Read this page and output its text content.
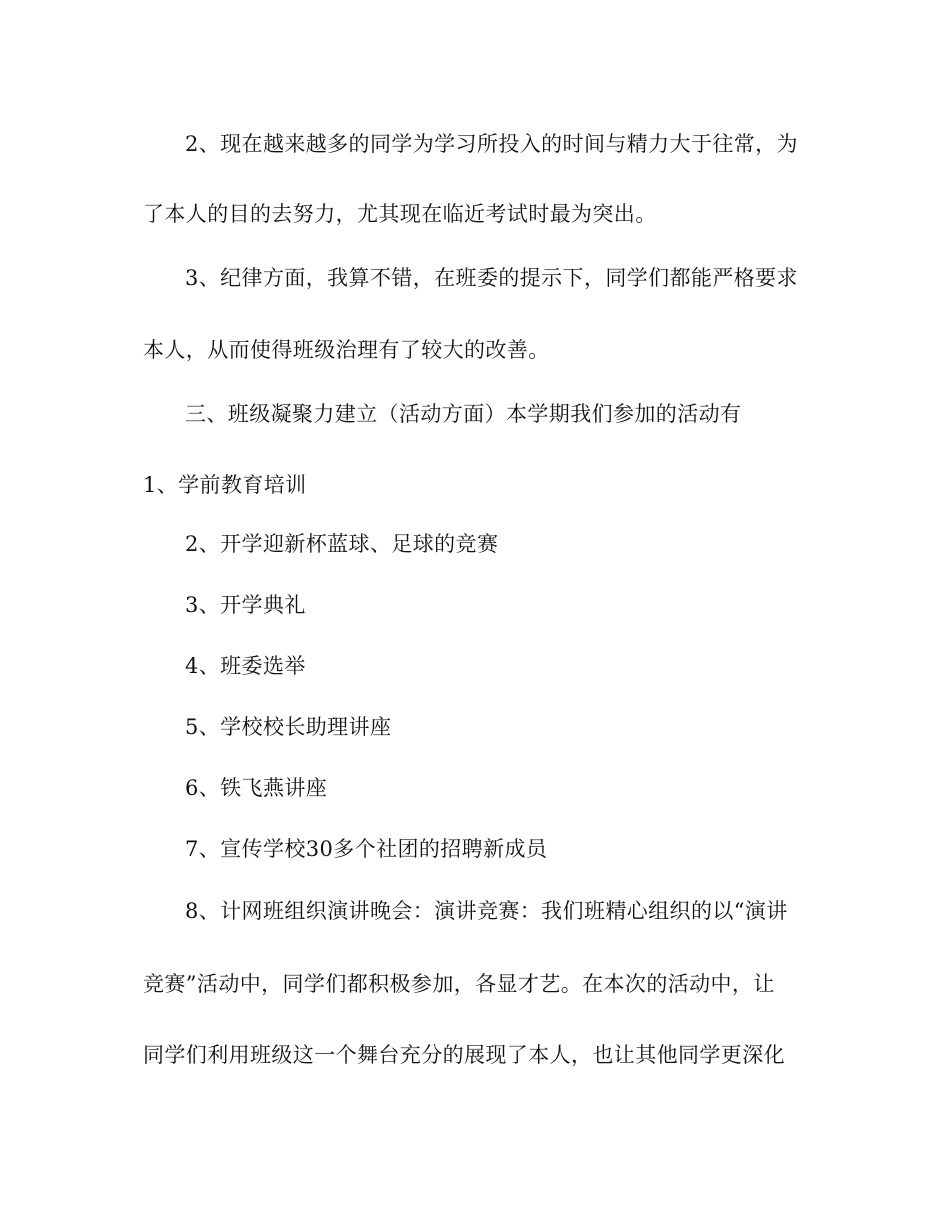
2、现在越来越多的同学为学习所投入的时间与精力大于往常，为
了本人的目的去努力，尤其现在临近考试时最为突出。
3、纪律方面，我算不错，在班委的提示下，同学们都能严格要求
本人，从而使得班级治理有了较大的改善。
三、班级凝聚力建立（活动方面）本学期我们参加的活动有
1、学前教育培训
2、开学迎新杯蓝球、足球的竞赛
3、开学典礼
4、班委选举
5、学校校长助理讲座
6、铁飞燕讲座
7、宣传学校30多个社团的招聘新成员
8、计网班组织演讲晚会：演讲竞赛：我们班精心组织的以“演讲
竞赛”活动中，同学们都积极参加，各显才艺。在本次的活动中，让
同学们利用班级这一个舞台充分的展现了本人，也让其他同学更深化
